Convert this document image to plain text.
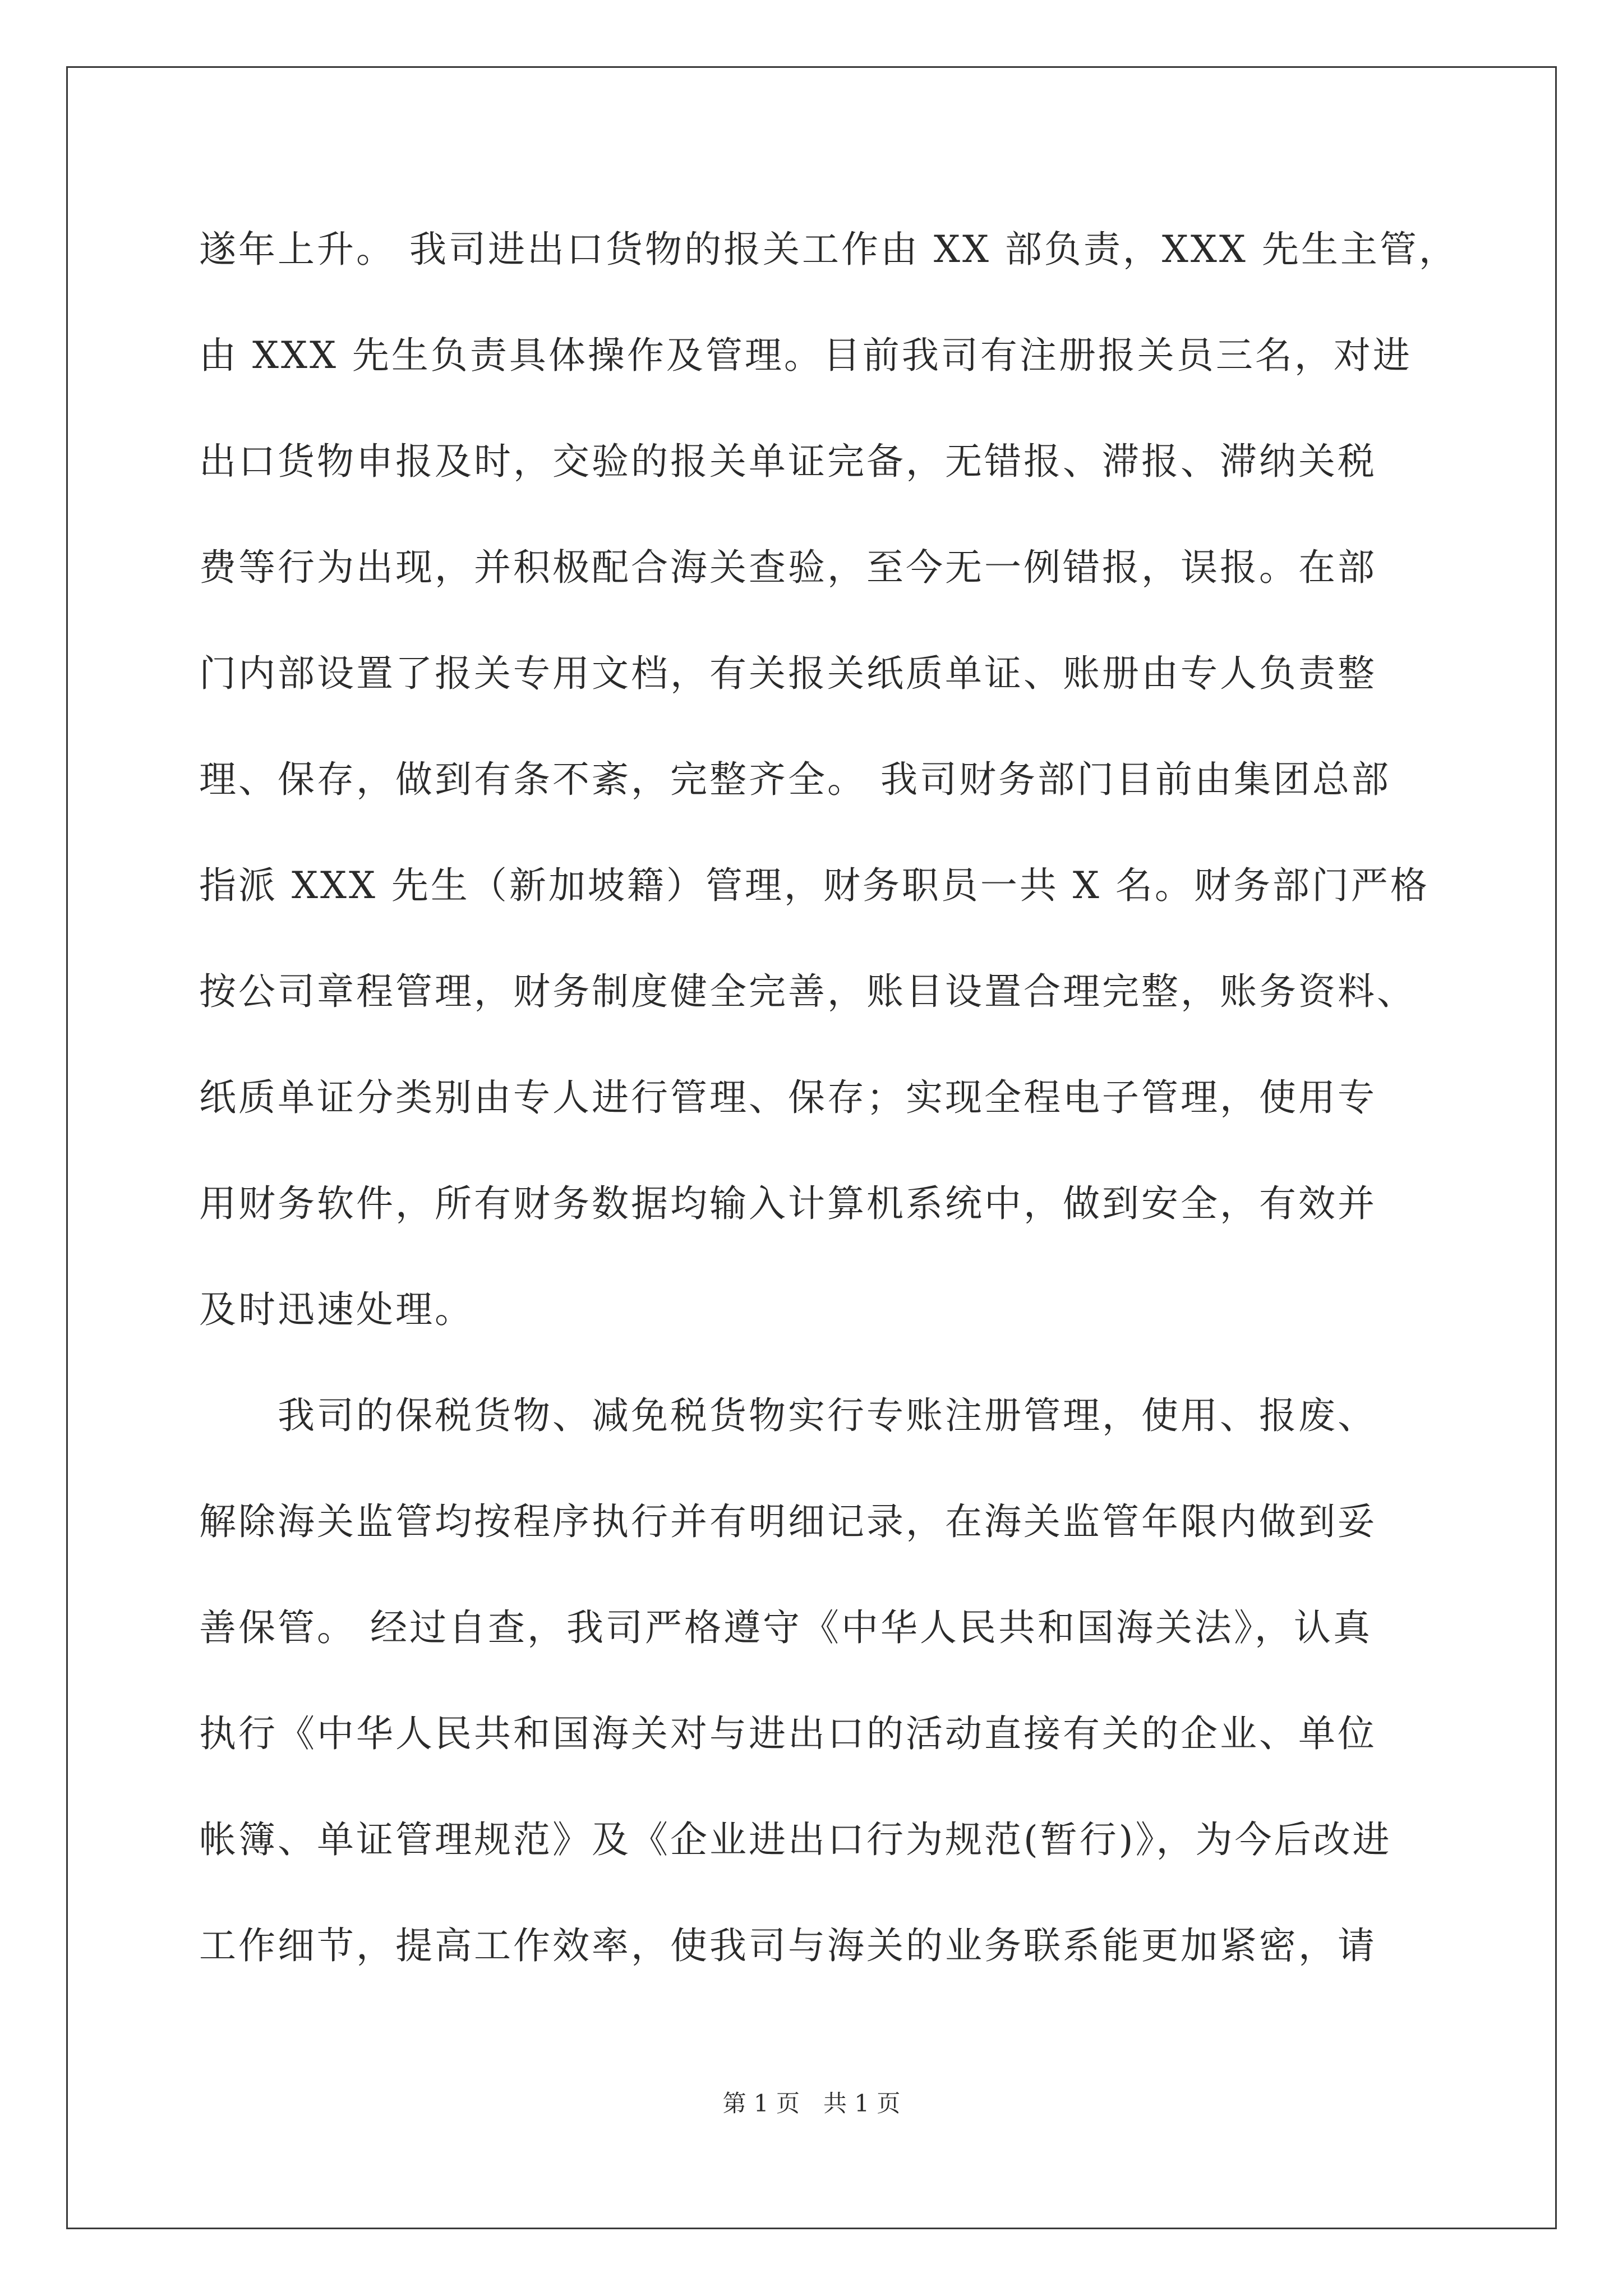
遂年上升。 我司进出口货物的报关工作由 XX 部负责，XXX 先生主管，
由 XXX 先生负责具体操作及管理。目前我司有注册报关员三名，对进
出口货物申报及时，交验的报关单证完备，无错报、滞报、滞纳关税
费等行为出现，并积极配合海关查验，至今无一例错报，误报。在部
门内部设置了报关专用文档，有关报关纸质单证、账册由专人负责整
理、保存，做到有条不紊，完整齐全。 我司财务部门目前由集团总部
指派 XXX 先生（新加坡籍）管理，财务职员一共 X 名。财务部门严格
按公司章程管理，财务制度健全完善，账目设置合理完整，账务资料、
纸质单证分类别由专人进行管理、保存；实现全程电子管理，使用专
用财务软件，所有财务数据均输入计算机系统中，做到安全，有效并
及时迅速处理。
　　我司的保税货物、减免税货物实行专账注册管理，使用、报废、
解除海关监管均按程序执行并有明细记录，在海关监管年限内做到妥
善保管。 经过自查，我司严格遵守《中华人民共和国海关法》，认真
执行《中华人民共和国海关对与进出口的活动直接有关的企业、单位
帐簿、单证管理规范》及《企业进出口行为规范(暂行)》，为今后改进
工作细节，提高工作效率，使我司与海关的业务联系能更加紧密，请
第 1 页　共 1 页
